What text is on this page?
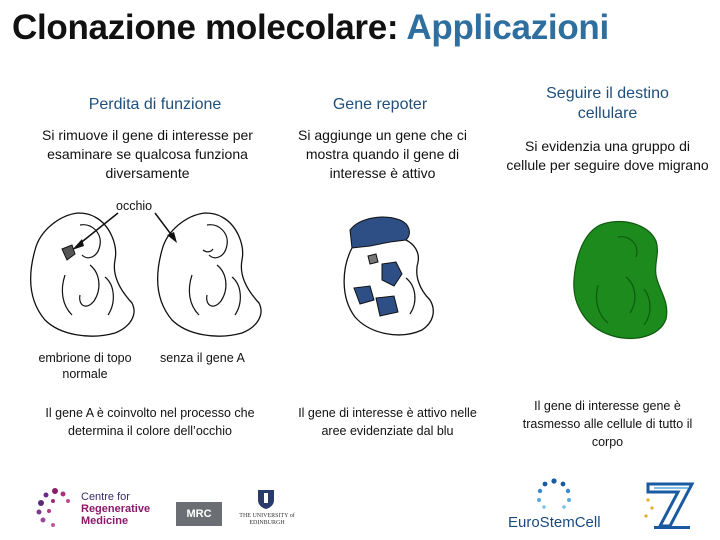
Clonazione molecolare: Applicazioni
Perdita di funzione
Si rimuove il gene di interesse per esaminare se qualcosa funziona diversamente
Gene repoter
Si aggiunge un gene che ci mostra quando il gene di interesse è attivo
Seguire il destino cellulare
Si evidenzia una gruppo di cellule per seguire dove migrano
occhio
embrione di topo normale
senza il gene A
Il gene A è coinvolto nel processo che determina il colore dell’occhio
Il gene di interesse è attivo nelle aree evidenziate dal blu
Il gene di interesse gene è trasmesso alle cellule di tutto il corpo
Centre for
Regenerative
Medicine
MRC	THE UNIVERSITY of EDINBURGH	EuroStemCell
